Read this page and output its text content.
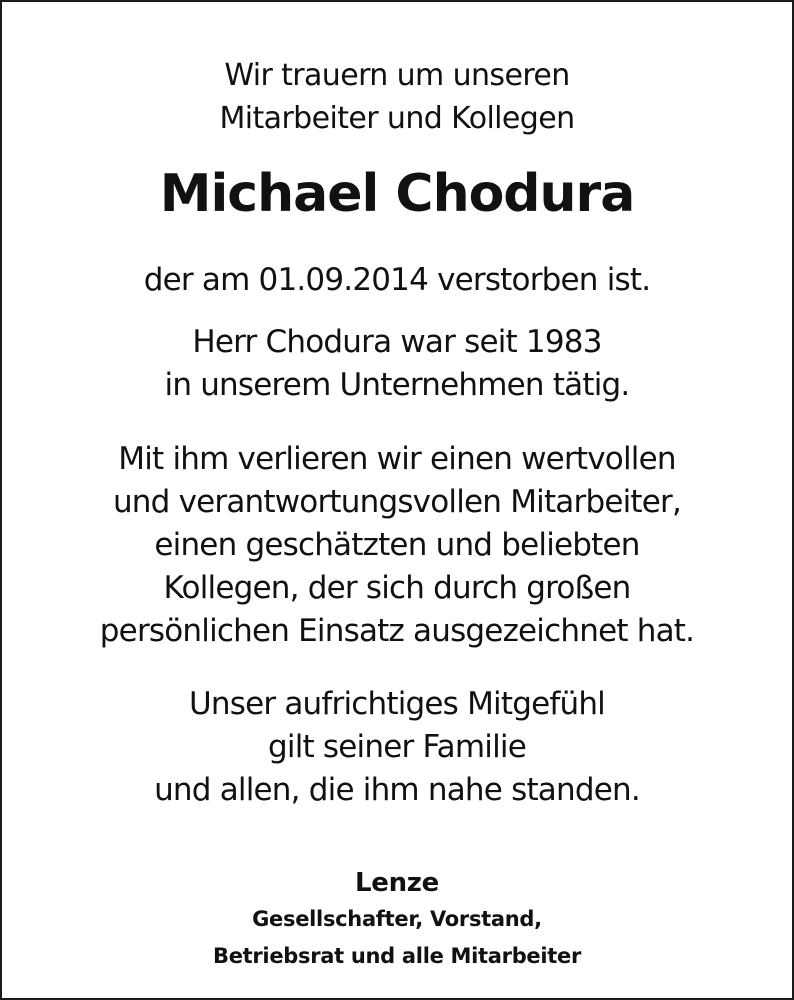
Wir trauern um unseren
Mitarbeiter und Kollegen
Michael Chodura
der am 01.09.2014 verstorben ist.
Herr Chodura war seit 1983
in unserem Unternehmen tätig.
Mit ihm verlieren wir einen wertvollen
und verantwortungsvollen Mitarbeiter,
einen geschätzten und beliebten
Kollegen, der sich durch großen
persönlichen Einsatz ausgezeichnet hat.
Unser aufrichtiges Mitgefühl
gilt seiner Familie
und allen, die ihm nahe standen.
Lenze
Gesellschafter, Vorstand,
Betriebsrat und alle Mitarbeiter
